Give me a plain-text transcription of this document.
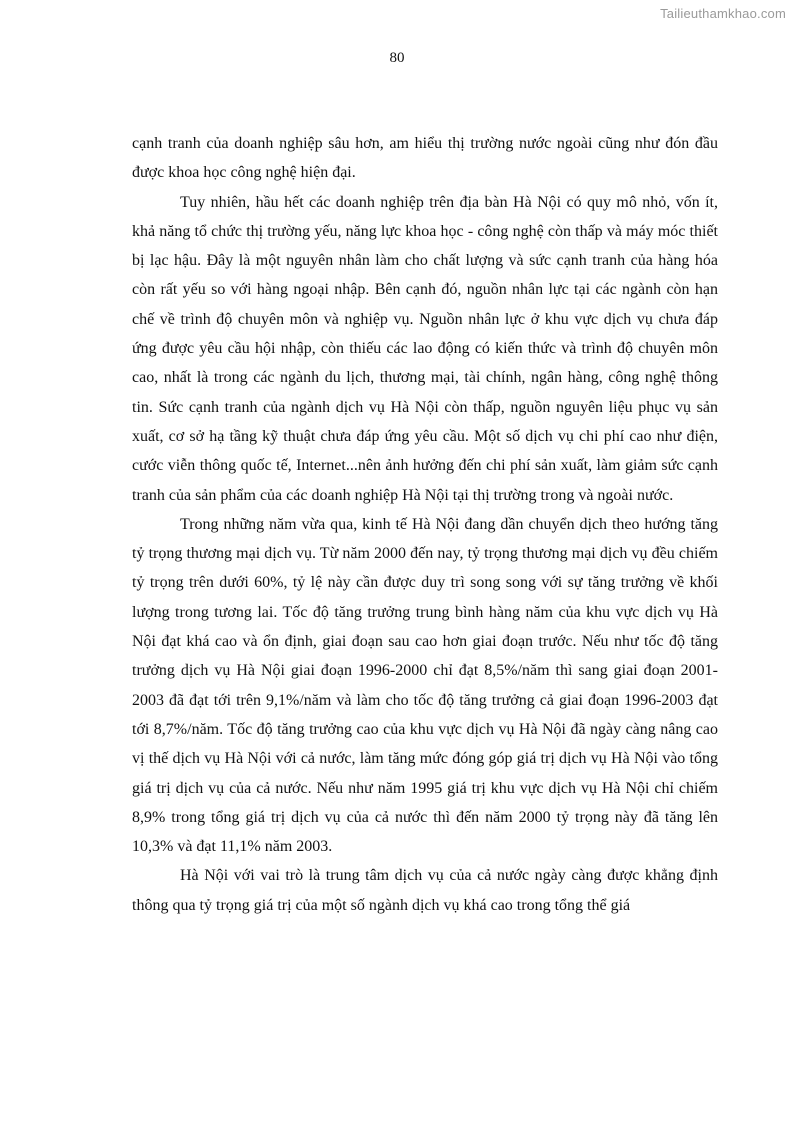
Tailieuthamkhao.com
80

cạnh tranh của doanh nghiệp sâu hơn, am hiểu thị trường nước ngoài cũng như đón đầu được khoa học công nghệ hiện đại.

Tuy nhiên, hầu hết các doanh nghiệp trên địa bàn Hà Nội có quy mô nhỏ, vốn ít, khả năng tổ chức thị trường yếu, năng lực khoa học - công nghệ còn thấp và máy móc thiết bị lạc hậu. Đây là một nguyên nhân làm cho chất lượng và sức cạnh tranh của hàng hóa còn rất yếu so với hàng ngoại nhập. Bên cạnh đó, nguồn nhân lực tại các ngành còn hạn chế về trình độ chuyên môn và nghiệp vụ. Nguồn nhân lực ở khu vực dịch vụ chưa đáp ứng được yêu cầu hội nhập, còn thiếu các lao động có kiến thức và trình độ chuyên môn cao, nhất là trong các ngành du lịch, thương mại, tài chính, ngân hàng, công nghệ thông tin. Sức cạnh tranh của ngành dịch vụ Hà Nội còn thấp, nguồn nguyên liệu phục vụ sản xuất, cơ sở hạ tầng kỹ thuật chưa đáp ứng yêu cầu. Một số dịch vụ chi phí cao như điện, cước viễn thông quốc tế, Internet...nên ảnh hưởng đến chi phí sản xuất, làm giảm sức cạnh tranh của sản phẩm của các doanh nghiệp Hà Nội tại thị trường trong và ngoài nước.

Trong những năm vừa qua, kinh tế Hà Nội đang dần chuyển dịch theo hướng tăng tỷ trọng thương mại dịch vụ. Từ năm 2000 đến nay, tỷ trọng thương mại dịch vụ đều chiếm tỷ trọng trên dưới 60%, tỷ lệ này cần được duy trì song song với sự tăng trưởng về khối lượng trong tương lai. Tốc độ tăng trưởng trung bình hàng năm của khu vực dịch vụ Hà Nội đạt khá cao và ổn định, giai đoạn sau cao hơn giai đoạn trước. Nếu như tốc độ tăng trưởng dịch vụ Hà Nội giai đoạn 1996-2000 chỉ đạt 8,5%/năm thì sang giai đoạn 2001-2003 đã đạt tới trên 9,1%/năm và làm cho tốc độ tăng trưởng cả giai đoạn 1996-2003 đạt tới 8,7%/năm. Tốc độ tăng trưởng cao của khu vực dịch vụ Hà Nội đã ngày càng nâng cao vị thế dịch vụ Hà Nội với cả nước, làm tăng mức đóng góp giá trị dịch vụ Hà Nội vào tổng giá trị dịch vụ của cả nước. Nếu như năm 1995 giá trị khu vực dịch vụ Hà Nội chỉ chiếm 8,9% trong tổng giá trị dịch vụ của cả nước thì đến năm 2000 tỷ trọng này đã tăng lên 10,3% và đạt 11,1% năm 2003.

Hà Nội với vai trò là trung tâm dịch vụ của cả nước ngày càng được khẳng định thông qua tỷ trọng giá trị của một số ngành dịch vụ khá cao trong tổng thể giá
